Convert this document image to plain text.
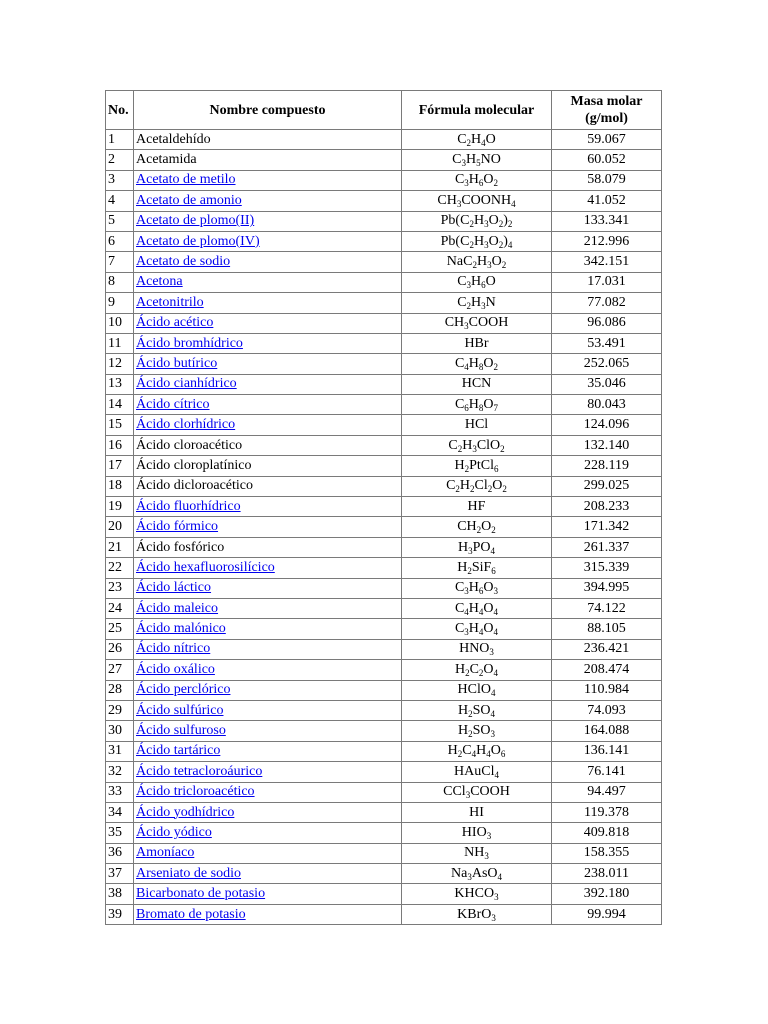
No.	Nombre compuesto	Fórmula molecular	Masa molar
(g/mol)
1	Acetaldehído	$C_2H_4O$	59.067
2	Acetamida	$C_3H_5NO$	60.052
3	Acetato de metilo	$C_3H_6O_2$	58.079
4	Acetato de amonio	$CH_3COONH_4$	41.052
5	Acetato de plomo(II)	$Pb(C_2H_3O_2)_2$	133.341
6	Acetato de plomo(IV)	$Pb(C_2H_3O_2)_4$	212.996
7	Acetato de sodio	$NaC_2H_3O_2$	342.151
8	Acetona	$C_3H_6O$	17.031
9	Acetonitrilo	$C_2H_3N$	77.082
10	Ácido acético	$CH_3COOH$	96.086
11	Ácido bromhídrico	HBr	53.491
12	Ácido butírico	$C_4H_8O_2$	252.065
13	Ácido cianhídrico	HCN	35.046
14	Ácido cítrico	$C_6H_8O_7$	80.043
15	Ácido clorhídrico	HCl	124.096
16	Ácido cloroacético	$C_2H_3ClO_2$	132.140
17	Ácido cloroplatínico	$H_2PtCl_6$	228.119
18	Ácido dicloroacético	$C_2H_2Cl_2O_2$	299.025
19	Ácido fluorhídrico	HF	208.233
20	Ácido fórmico	$CH_2O_2$	171.342
21	Ácido fosfórico	$H_3PO_4$	261.337
22	Ácido hexafluorosilícico	$H_2SiF_6$	315.339
23	Ácido láctico	$C_3H_6O_3$	394.995
24	Ácido maleico	$C_4H_4O_4$	74.122
25	Ácido malónico	$C_3H_4O_4$	88.105
26	Ácido nítrico	$HNO_3$	236.421
27	Ácido oxálico	$H_2C_2O_4$	208.474
28	Ácido perclórico	HClO$_4$	110.984
29	Ácido sulfúrico	$H_2SO_4$	74.093
30	Ácido sulfuroso	$H_2SO_3$	164.088
31	Ácido tartárico	$H_2C_4H_4O_6$	136.141
32	Ácido tetracloroáurico	HAuCl$_4$	76.141
33	Ácido tricloroacético	CCl$_3$COOH	94.497
34	Ácido yodhídrico	HI	119.378
35	Ácido yódico	$HIO_3$	409.818
36	Amoníaco	$NH_3$	158.355
37	Arseniato de sodio	$Na_3AsO_4$	238.011
38	Bicarbonato de potasio	$KHCO_3$	392.180
39	Bromato de potasio	KBrO$_3$	99.994
